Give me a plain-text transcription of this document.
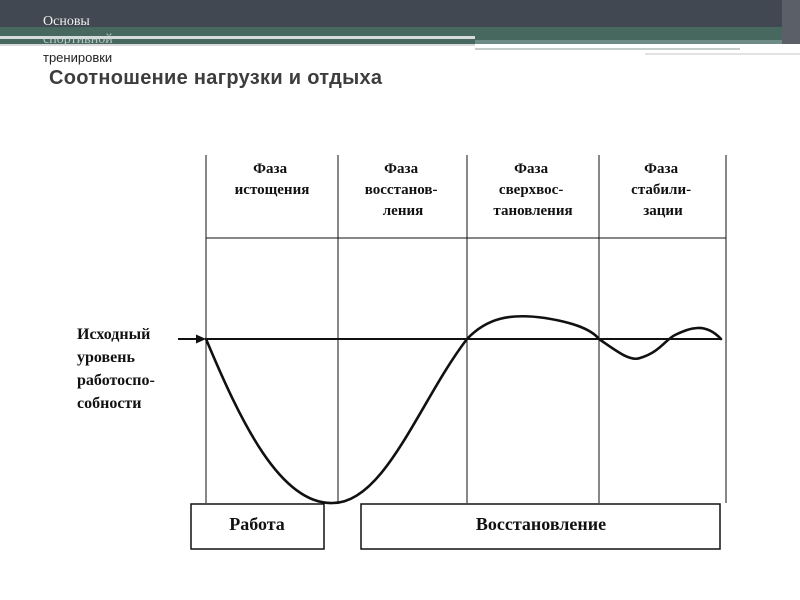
Основы
спортивной
тренировки
Соотношение нагрузки и отдыха
Фаза истощения
Фаза восстанов- ления
Фаза сверхвос- тановления
Фаза стабили- зации
Исходный уровень работоспо- собности
Работа	Восстановление
